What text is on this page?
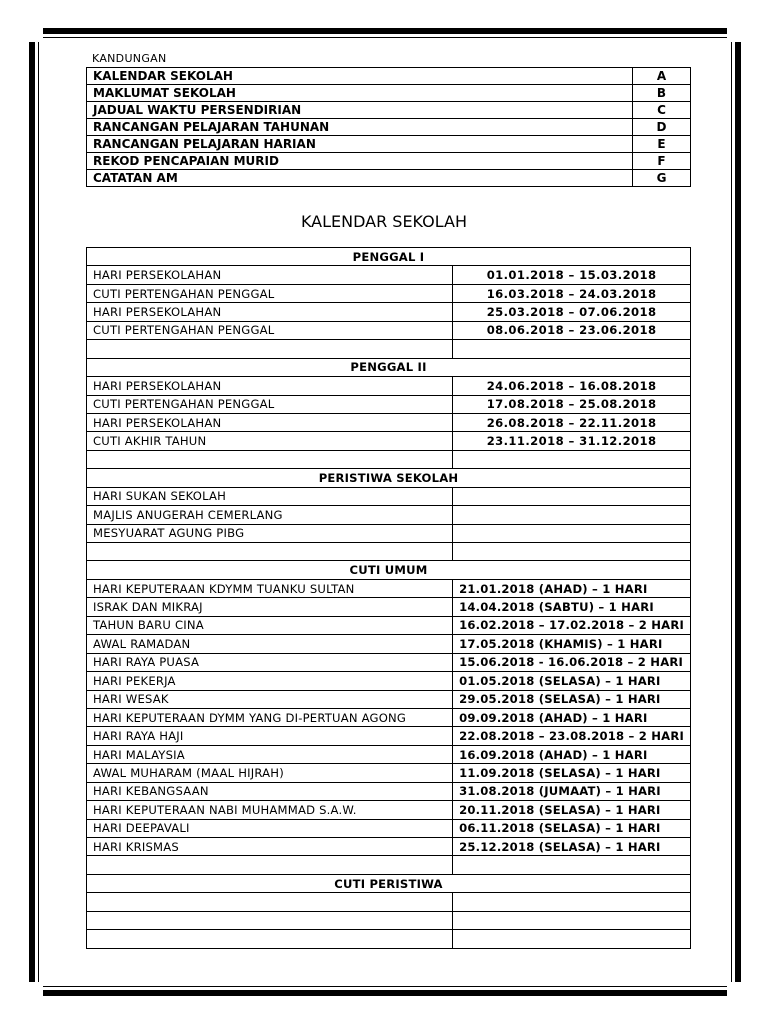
KANDUNGAN
KALENDAR SEKOLAH	A
MAKLUMAT SEKOLAH	B
JADUAL WAKTU PERSENDIRIAN	C
RANCANGAN PELAJARAN TAHUNAN	D
RANCANGAN PELAJARAN HARIAN	E
REKOD PENCAPAIAN MURID	F
CATATAN AM	G
KALENDAR SEKOLAH
PENGGAL I	
HARI PERSEKOLAHAN	01.01.2018 – 15.03.2018
CUTI PERTENGAHAN PENGGAL	16.03.2018 – 24.03.2018
HARI PERSEKOLAHAN	25.03.2018 – 07.06.2018
CUTI PERTENGAHAN PENGGAL	08.06.2018 – 23.06.2018

PENGGAL II	
HARI PERSEKOLAHAN	24.06.2018 – 16.08.2018
CUTI PERTENGAHAN PENGGAL	17.08.2018 – 25.08.2018
HARI PERSEKOLAHAN	26.08.2018 – 22.11.2018
CUTI AKHIR TAHUN	23.11.2018 – 31.12.2018

PERISTIWA SEKOLAH	
HARI SUKAN SEKOLAH	
MAJLIS ANUGERAH CEMERLANG	
MESYUARAT AGUNG PIBG	

CUTI UMUM	
HARI KEPUTERAAN KDYMM TUANKU SULTAN	21.01.2018 (AHAD) – 1 HARI
ISRAK DAN MIKRAJ	14.04.2018 (SABTU) – 1 HARI
TAHUN BARU CINA	16.02.2018 – 17.02.2018 – 2 HARI
AWAL RAMADAN	17.05.2018 (KHAMIS) – 1 HARI
HARI RAYA PUASA	15.06.2018 - 16.06.2018 – 2 HARI
HARI PEKERJA	01.05.2018 (SELASA) – 1 HARI
HARI WESAK	29.05.2018 (SELASA) – 1 HARI
HARI KEPUTERAAN DYMM YANG DI-PERTUAN AGONG	09.09.2018 (AHAD) – 1 HARI
HARI RAYA HAJI	22.08.2018 – 23.08.2018 – 2 HARI
HARI MALAYSIA	16.09.2018 (AHAD) – 1 HARI
AWAL MUHARAM (MAAL HIJRAH)	11.09.2018 (SELASA) – 1 HARI
HARI KEBANGSAAN	31.08.2018 (JUMAAT) – 1 HARI
HARI KEPUTERAAN NABI MUHAMMAD S.A.W.	20.11.2018 (SELASA) – 1 HARI
HARI DEEPAVALI	06.11.2018 (SELASA) – 1 HARI
HARI KRISMAS	25.12.2018 (SELASA) – 1 HARI

CUTI PERISTIWA	
